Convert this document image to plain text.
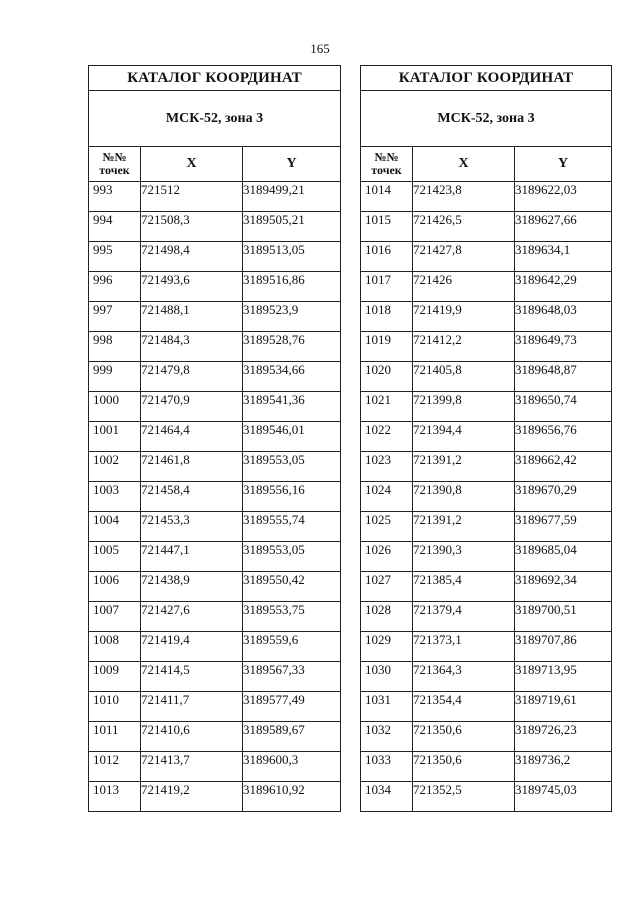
165
КАТАЛОГ КООРДИНАТ		
МСК-52, зона 3		
№№ точек	X	Y
993	721512	3189499,21
994	721508,3	3189505,21
995	721498,4	3189513,05
996	721493,6	3189516,86
997	721488,1	3189523,9
998	721484,3	3189528,76
999	721479,8	3189534,66
1000	721470,9	3189541,36
1001	721464,4	3189546,01
1002	721461,8	3189553,05
1003	721458,4	3189556,16
1004	721453,3	3189555,74
1005	721447,1	3189553,05
1006	721438,9	3189550,42
1007	721427,6	3189553,75
1008	721419,4	3189559,6
1009	721414,5	3189567,33
1010	721411,7	3189577,49
1011	721410,6	3189589,67
1012	721413,7	3189600,3
1013	721419,2	3189610,92
КАТАЛОГ КООРДИНАТ		
МСК-52, зона 3		
№№ точек	X	Y
1014	721423,8	3189622,03
1015	721426,5	3189627,66
1016	721427,8	3189634,1
1017	721426	3189642,29
1018	721419,9	3189648,03
1019	721412,2	3189649,73
1020	721405,8	3189648,87
1021	721399,8	3189650,74
1022	721394,4	3189656,76
1023	721391,2	3189662,42
1024	721390,8	3189670,29
1025	721391,2	3189677,59
1026	721390,3	3189685,04
1027	721385,4	3189692,34
1028	721379,4	3189700,51
1029	721373,1	3189707,86
1030	721364,3	3189713,95
1031	721354,4	3189719,61
1032	721350,6	3189726,23
1033	721350,6	3189736,2
1034	721352,5	3189745,03
